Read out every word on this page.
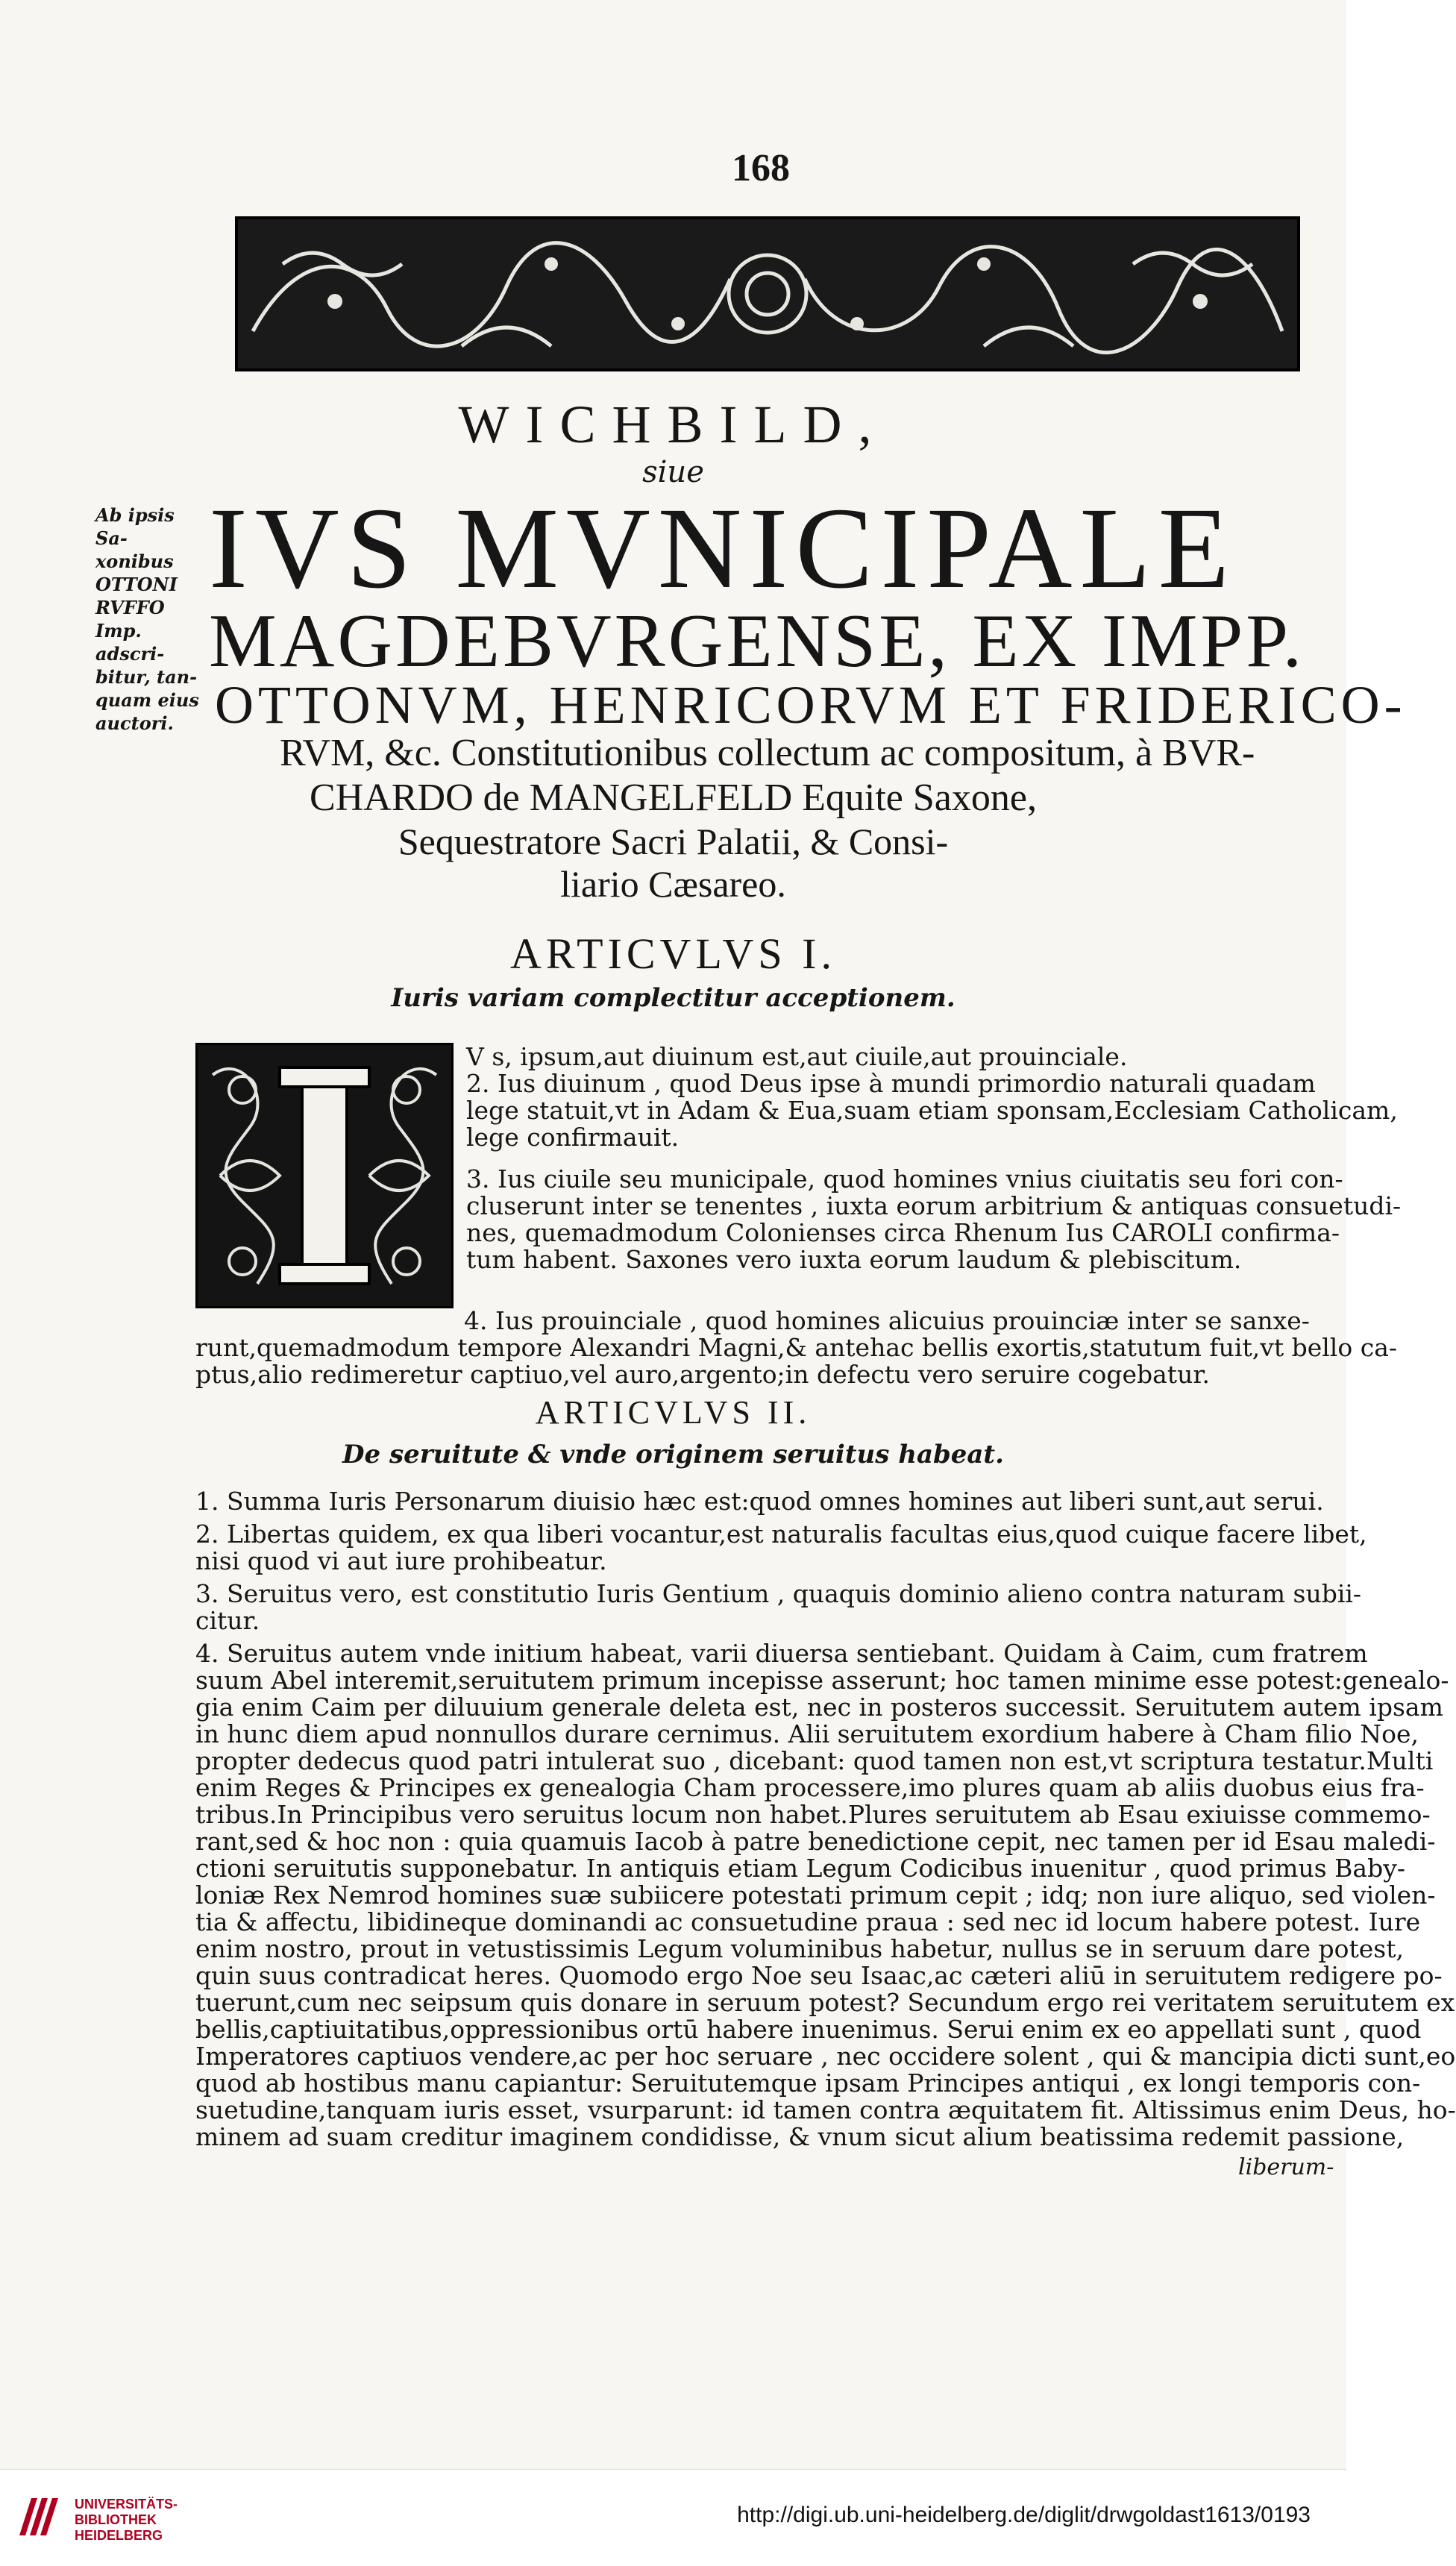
168
WICHBILD,
siue
IVS MVNICIPALE
MAGDEBVRGENSE, EX IMPP.
OTTONVM, HENRICORVM ET FRIDERICO-
RVM, &c. Constitutionibus collectum ac compositum, à BVR-
CHARDO de MANGELFELD Equite Saxone,
Sequestratore Sacri Palatii, & Consi-
liario Cæsareo.
Ab ipsis Sa-
xonibus
OTTONI
RVFFO
Imp. adscri-
bitur, tan-
quam eius
auctori.
ARTICVLVS I.
Iuris variam complectitur acceptionem.
V s, ipsum,aut diuinum est,aut ciuile,aut prouinciale.
2. Ius diuinum , quod Deus ipse à mundi primordio naturali quadam
lege statuit,vt in Adam & Eua,suam etiam sponsam,Ecclesiam Catholicam,
lege confirmauit.
3. Ius ciuile seu municipale, quod homines vnius ciuitatis seu fori con-
cluserunt inter se tenentes , iuxta eorum arbitrium & antiquas consuetudi-
nes, quemadmodum Colonienses circa Rhenum Ius CAROLI confirma-
tum habent. Saxones vero iuxta eorum laudum & plebiscitum.
4. Ius prouinciale , quod homines alicuius prouinciæ inter se sanxe-
runt,quemadmodum tempore Alexandri Magni,& antehac bellis exortis,statutum fuit,vt bello ca-
ptus,alio redimeretur captiuo,vel auro,argento;in defectu vero seruire cogebatur.
ARTICVLVS II.
De seruitute & vnde originem seruitus habeat.
1. Summa Iuris Personarum diuisio hæc est:quod omnes homines aut liberi sunt,aut serui.
2. Libertas quidem, ex qua liberi vocantur,est naturalis facultas eius,quod cuique facere libet,
nisi quod vi aut iure prohibeatur.
3. Seruitus vero, est constitutio Iuris Gentium , quaquis dominio alieno contra naturam subii-
citur.
4. Seruitus autem vnde initium habeat, varii diuersa sentiebant. Quidam à Caim, cum fratrem
suum Abel interemit,seruitutem primum incepisse asserunt; hoc tamen minime esse potest:genealo-
gia enim Caim per diluuium generale deleta est, nec in posteros successit. Seruitutem autem ipsam
in hunc diem apud nonnullos durare cernimus. Alii seruitutem exordium habere à Cham filio Noe,
propter dedecus quod patri intulerat suo , dicebant: quod tamen non est,vt scriptura testatur.Multi
enim Reges & Principes ex genealogia Cham processere,imo plures quam ab aliis duobus eius fra-
tribus.In Principibus vero seruitus locum non habet.Plures seruitutem ab Esau exiuisse commemo-
rant,sed & hoc non : quia quamuis Iacob à patre benedictione cepit, nec tamen per id Esau maledi-
ctioni seruitutis supponebatur. In antiquis etiam Legum Codicibus inuenitur , quod primus Baby-
loniæ Rex Nemrod homines suæ subiicere potestati primum cepit ; idq; non iure aliquo, sed violen-
tia & affectu, libidineque dominandi ac consuetudine praua : sed nec id locum habere potest. Iure
enim nostro, prout in vetustissimis Legum voluminibus habetur, nullus se in seruum dare potest,
quin suus contradicat heres. Quomodo ergo Noe seu Isaac,ac cæteri aliū in seruitutem redigere po-
tuerunt,cum nec seipsum quis donare in seruum potest? Secundum ergo rei veritatem seruitutem ex
bellis,captiuitatibus,oppressionibus ortū habere inuenimus. Serui enim ex eo appellati sunt , quod
Imperatores captiuos vendere,ac per hoc seruare , nec occidere solent , qui & mancipia dicti sunt,eo
quod ab hostibus manu capiantur: Seruitutemque ipsam Principes antiqui , ex longi temporis con-
suetudine,tanquam iuris esset, vsurparunt: id tamen contra æquitatem fit. Altissimus enim Deus, ho-
minem ad suam creditur imaginem condidisse, & vnum sicut alium beatissima redemit passione,
liberum-
UNIVERSITÄTS-
BIBLIOTHEK
HEIDELBERG
http://digi.ub.uni-heidelberg.de/diglit/drwgoldast1613/0193
